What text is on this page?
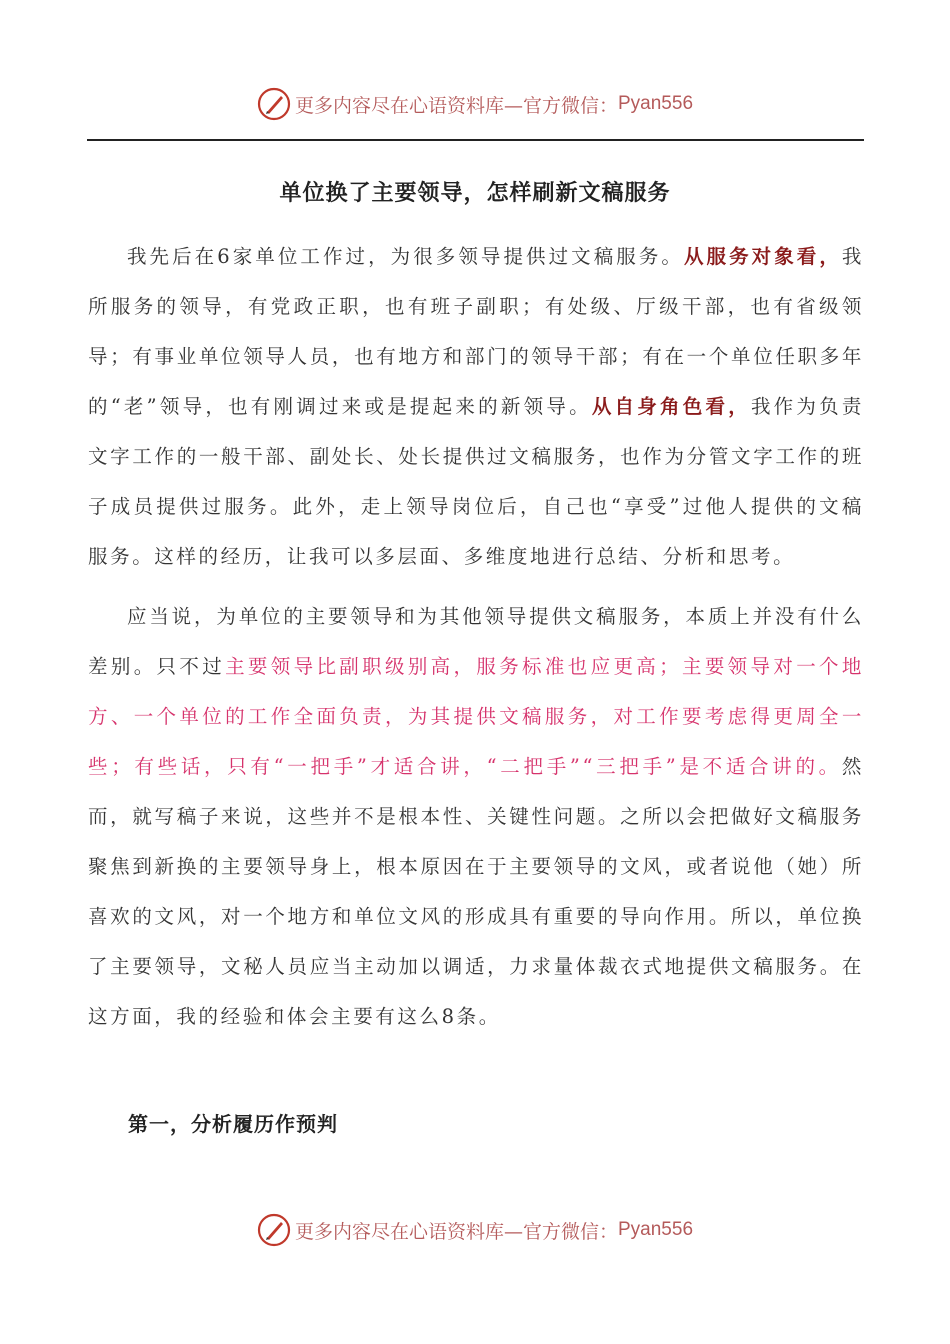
更多内容尽在心语资料库—官方微信： Pyan556
单位换了主要领导，怎样刷新文稿服务

我先后在6家单位工作过，为很多领导提供过文稿服务。从服务对象看，我所服务的领导，有党政正职，也有班子副职；有处级、厅级干部，也有省级领导；有事业单位领导人员，也有地方和部门的领导干部；有在一个单位任职多年的“老”领导，也有刚调过来或是提起来的新领导。从自身角色看，我作为负责文字工作的一般干部、副处长、处长提供过文稿服务，也作为分管文字工作的班子成员提供过服务。此外，走上领导岗位后，自己也“享受”过他人提供的文稿服务。这样的经历，让我可以多层面、多维度地进行总结、分析和思考。

应当说，为单位的主要领导和为其他领导提供文稿服务，本质上并没有什么差别。只不过主要领导比副职级别高，服务标准也应更高；主要领导对一个地方、一个单位的工作全面负责，为其提供文稿服务，对工作要考虑得更周全一些；有些话，只有“一把手”才适合讲，“二把手”“三把手”是不适合讲的。然而，就写稿子来说，这些并不是根本性、关键性问题。之所以会把做好文稿服务聚焦到新换的主要领导身上，根本原因在于主要领导的文风，或者说他（她）所喜欢的文风，对一个地方和单位文风的形成具有重要的导向作用。所以，单位换了主要领导，文秘人员应当主动加以调适，力求量体裁衣式地提供文稿服务。在这方面，我的经验和体会主要有这么8条。

第一，分析履历作预判
更多内容尽在心语资料库—官方微信： Pyan556
